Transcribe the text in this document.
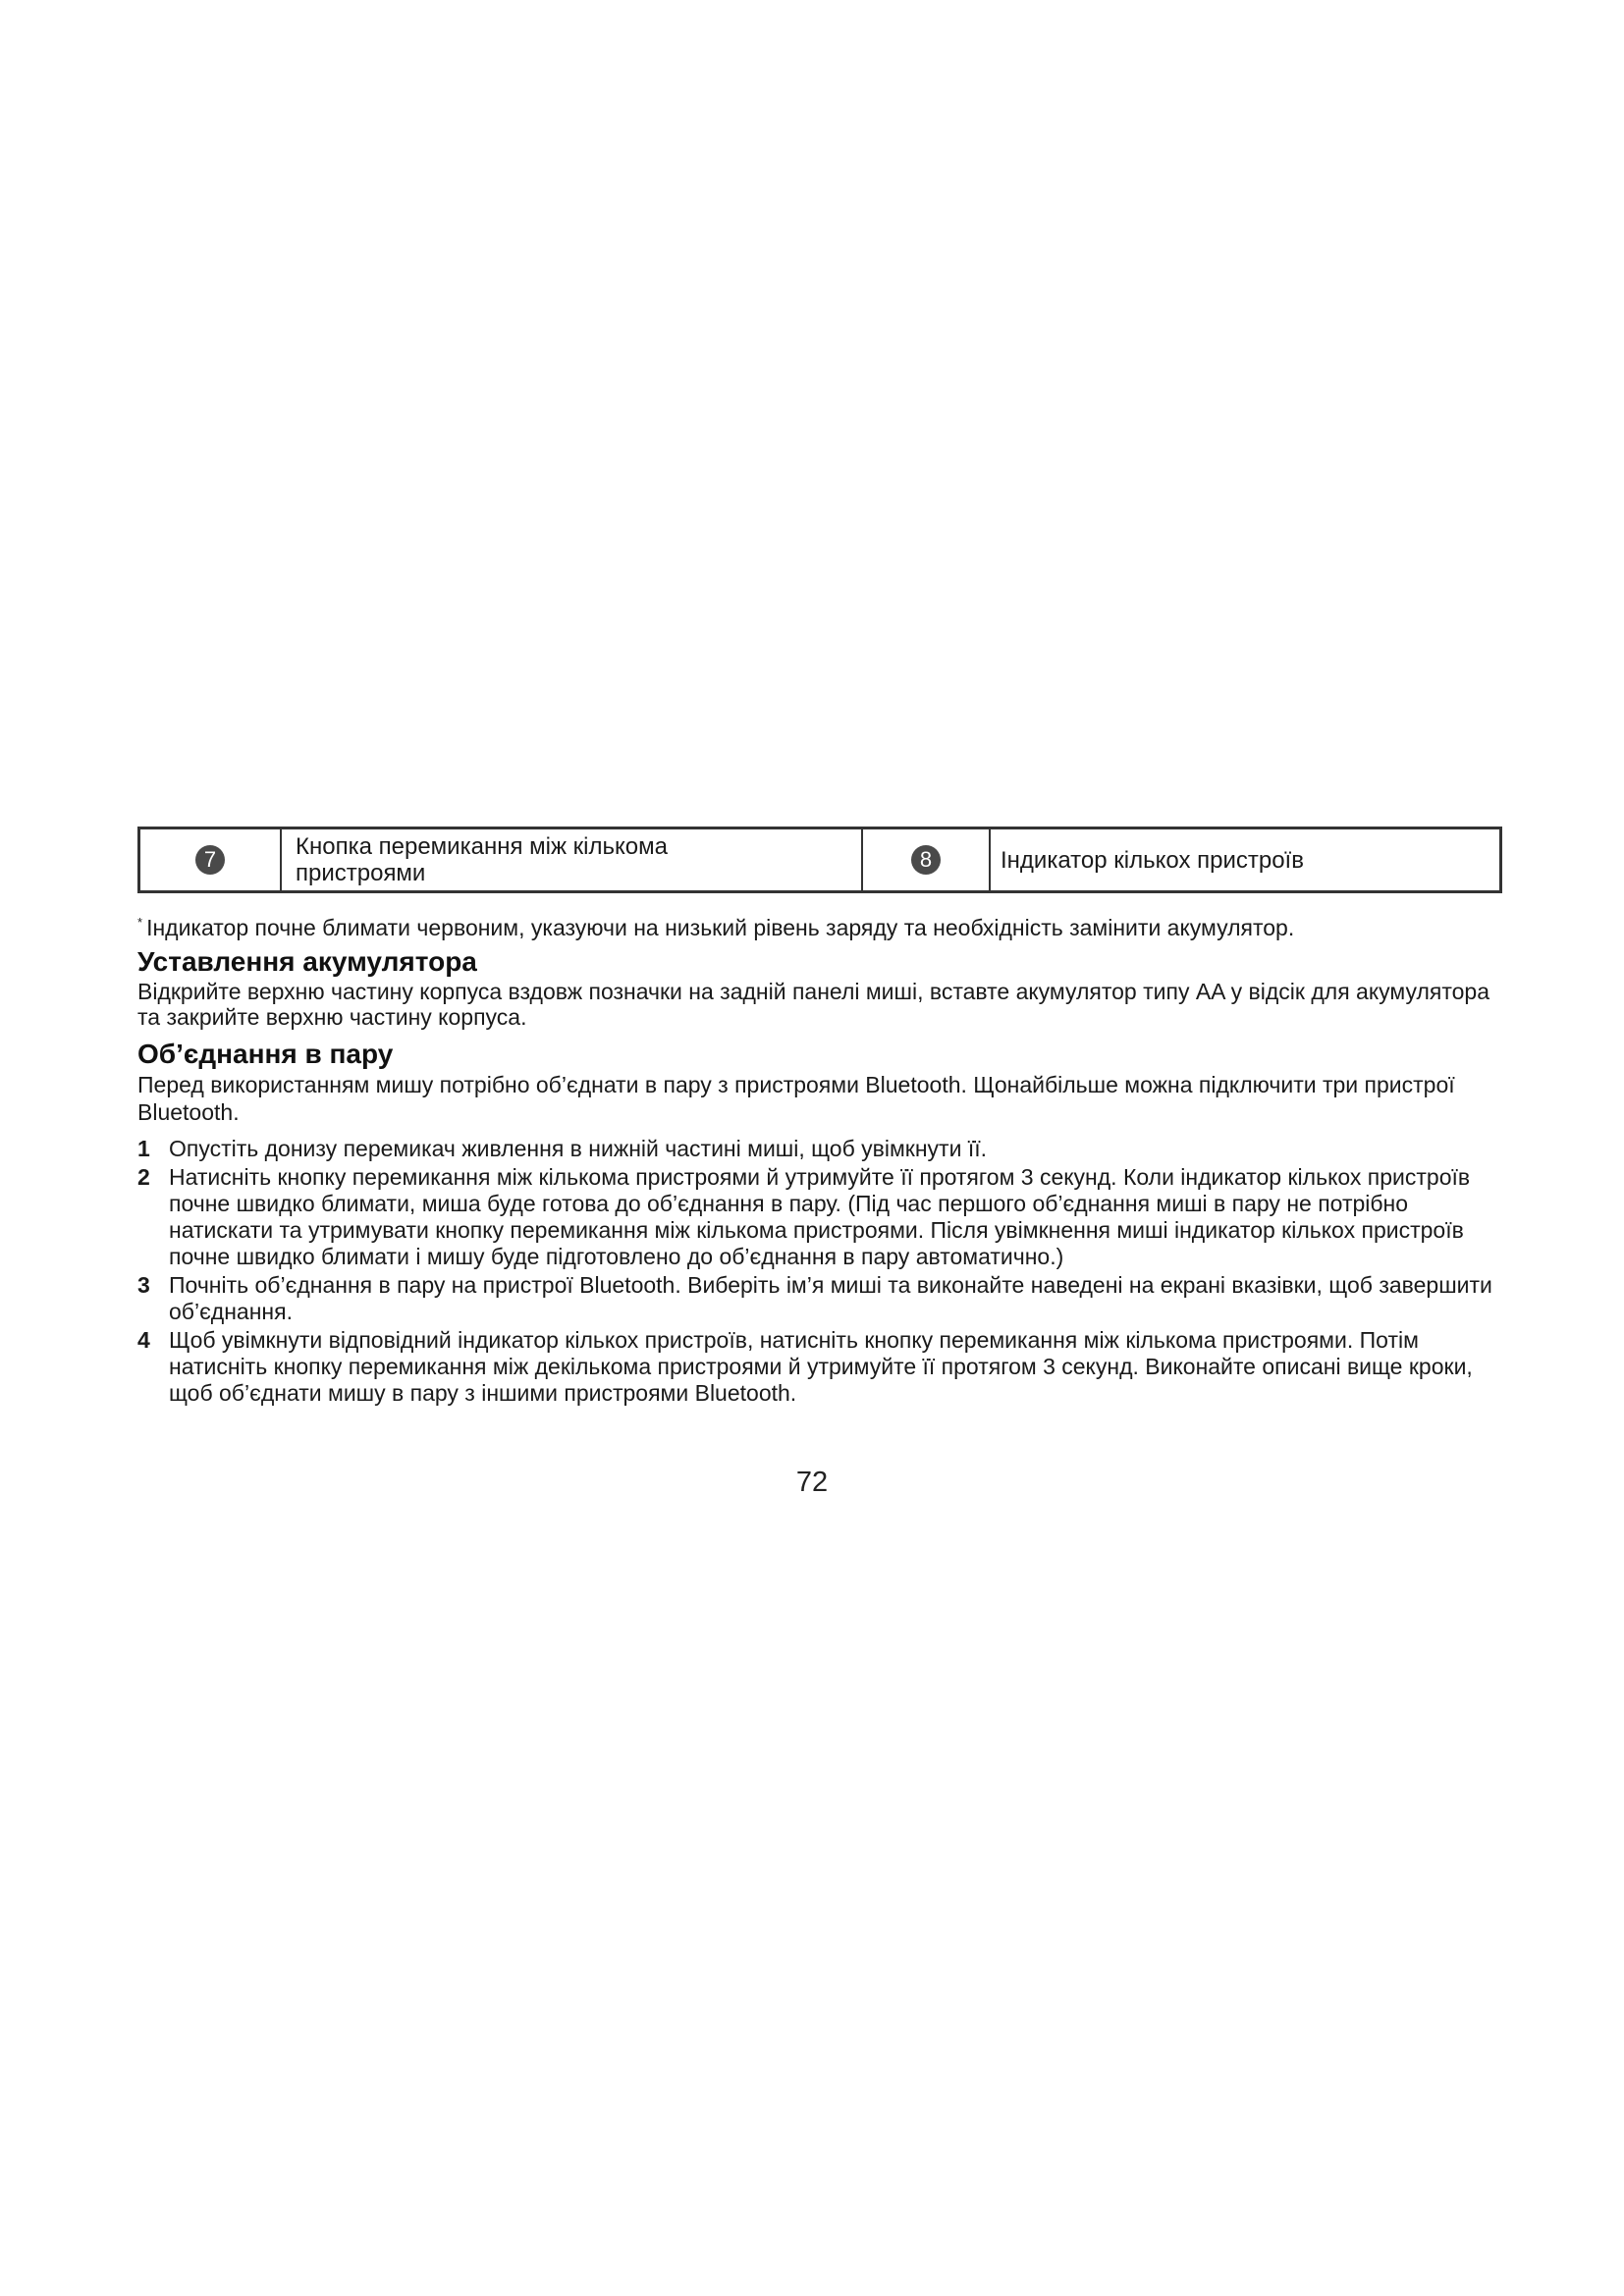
7	Кнопка перемикання між кількома пристроями	8	Індикатор кількох пристроїв
* Індикатор почне блимати червоним, указуючи на низький рівень заряду та необхідність замінити акумулятор.
Уставлення акумулятора

Відкрийте верхню частину корпуса вздовж позначки на задній панелі миші, вставте акумулятор типу AA у відсік для акумулятора та закрийте верхню частину корпуса.

Об’єднання в пару

Перед використанням мишу потрібно об’єднати в пару з пристроями Bluetooth. Щонайбільше можна підключити три пристрої Bluetooth.

1 Опустіть донизу перемикач живлення в нижній частині миші, щоб увімкнути її.
2 Натисніть кнопку перемикання між кількома пристроями й утримуйте її протягом 3 секунд. Коли індикатор кількох пристроїв почне швидко блимати, миша буде готова до об’єднання в пару. (Під час першого об’єднання миші в пару не потрібно натискати та утримувати кнопку перемикання між кількома пристроями. Після увімкнення миші індикатор кількох пристроїв почне швидко блимати і мишу буде підготовлено до об’єднання в пару автоматично.)
3 Почніть об’єднання в пару на пристрої Bluetooth. Виберіть ім’я миші та виконайте наведені на екрані вказівки, щоб завершити об’єднання.
4 Щоб увімкнути відповідний індикатор кількох пристроїв, натисніть кнопку перемикання між кількома пристроями. Потім натисніть кнопку перемикання між декількома пристроями й утримуйте її протягом 3 секунд. Виконайте описані вище кроки, щоб об’єднати мишу в пару з іншими пристроями Bluetooth.
72
